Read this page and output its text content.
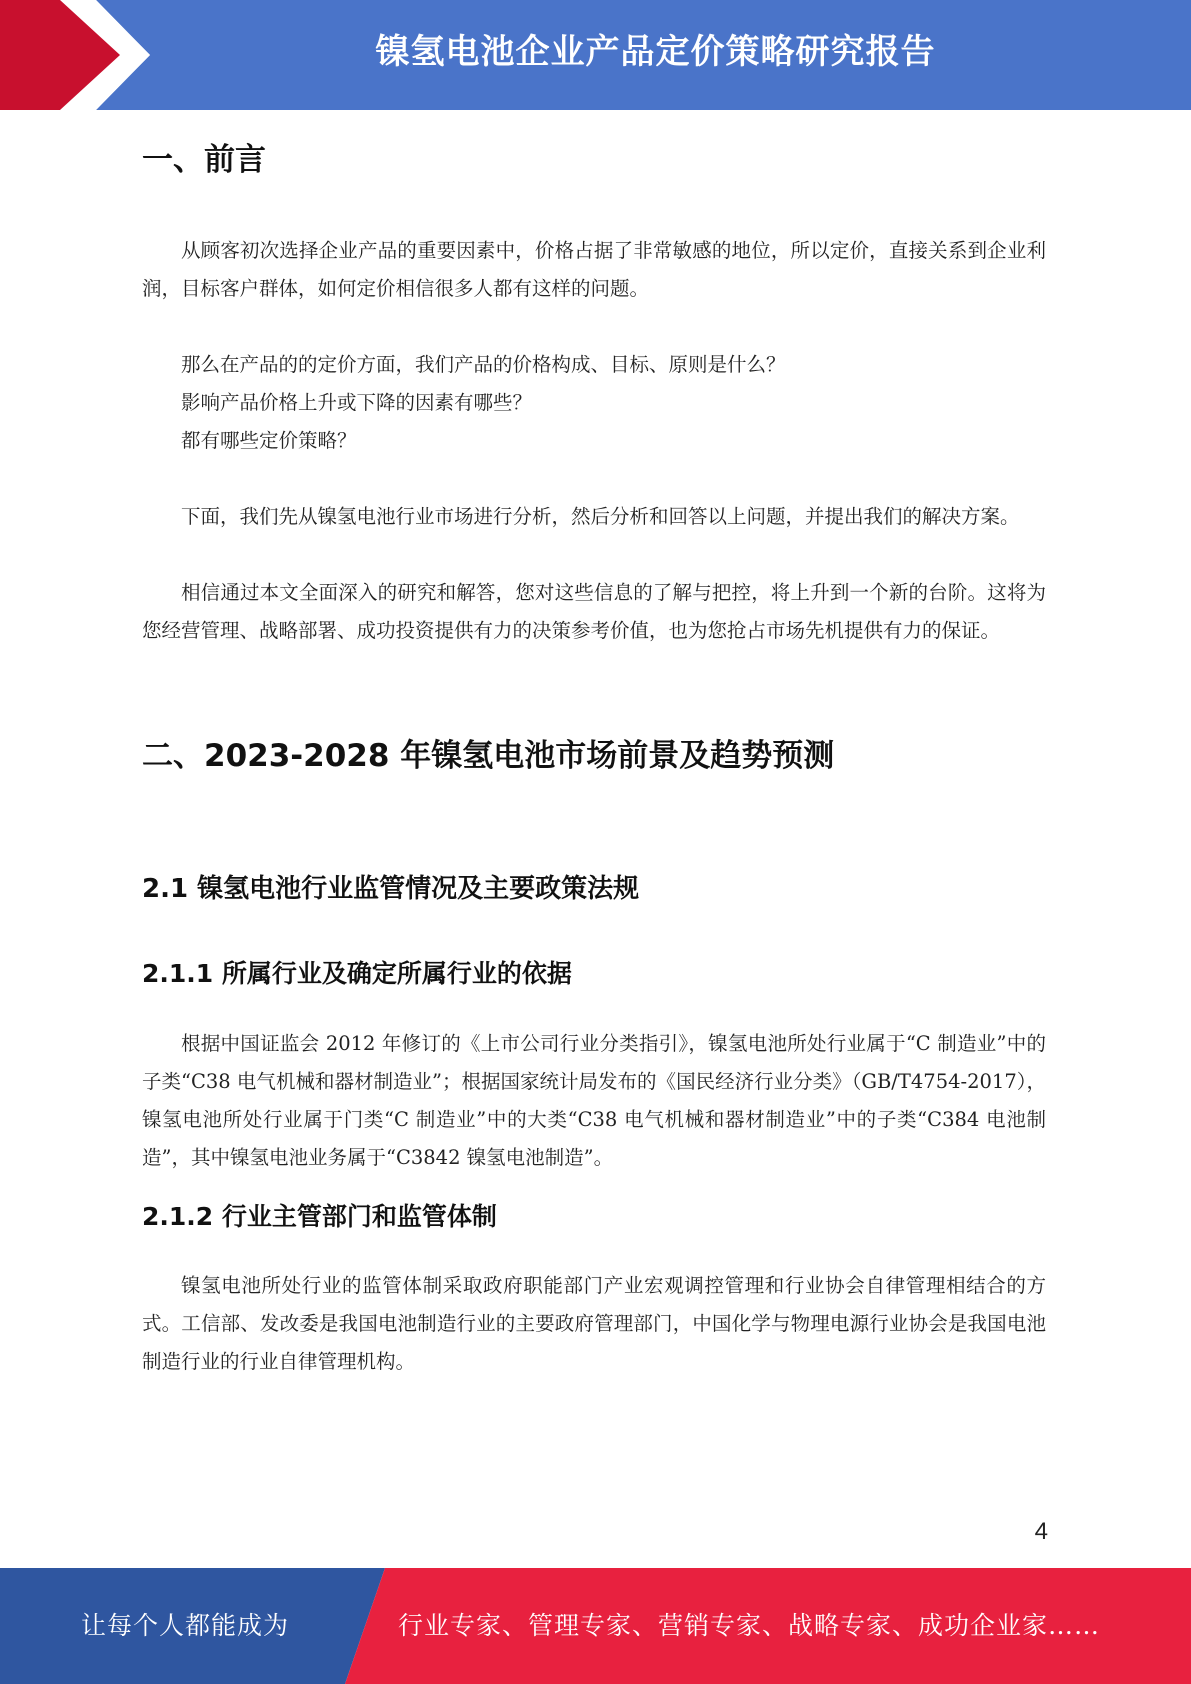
镍氢电池企业产品定价策略研究报告
一、前言

从顾客初次选择企业产品的重要因素中，价格占据了非常敏感的地位，所以定价，直接关系到企业利润，目标客户群体，如何定价相信很多人都有这样的问题。

那么在产品的的定价方面，我们产品的价格构成、目标、原则是什么？

影响产品价格上升或下降的因素有哪些？

都有哪些定价策略？

下面，我们先从镍氢电池行业市场进行分析，然后分析和回答以上问题，并提出我们的解决方案。

相信通过本文全面深入的研究和解答，您对这些信息的了解与把控，将上升到一个新的台阶。这将为您经营管理、战略部署、成功投资提供有力的决策参考价值，也为您抢占市场先机提供有力的保证。

二、2023-2028 年镍氢电池市场前景及趋势预测
2.1 镍氢电池行业监管情况及主要政策法规
2.1.1 所属行业及确定所属行业的依据

根据中国证监会 2012 年修订的《上市公司行业分类指引》，镍氢电池所处行业属于“C 制造业”中的子类“C38 电气机械和器材制造业”；根据国家统计局发布的《国民经济行业分类》（GB/T4754-2017），镍氢电池所处行业属于门类“C 制造业”中的大类“C38 电气机械和器材制造业”中的子类“C384 电池制造”，其中镍氢电池业务属于“C3842 镍氢电池制造”。

2.1.2 行业主管部门和监管体制

镍氢电池所处行业的监管体制采取政府职能部门产业宏观调控管理和行业协会自律管理相结合的方式。工信部、发改委是我国电池制造行业的主要政府管理部门，中国化学与物理电源行业协会是我国电池制造行业的行业自律管理机构。

4
让每个人都能成为	行业专家、管理专家、营销专家、战略专家、成功企业家……
